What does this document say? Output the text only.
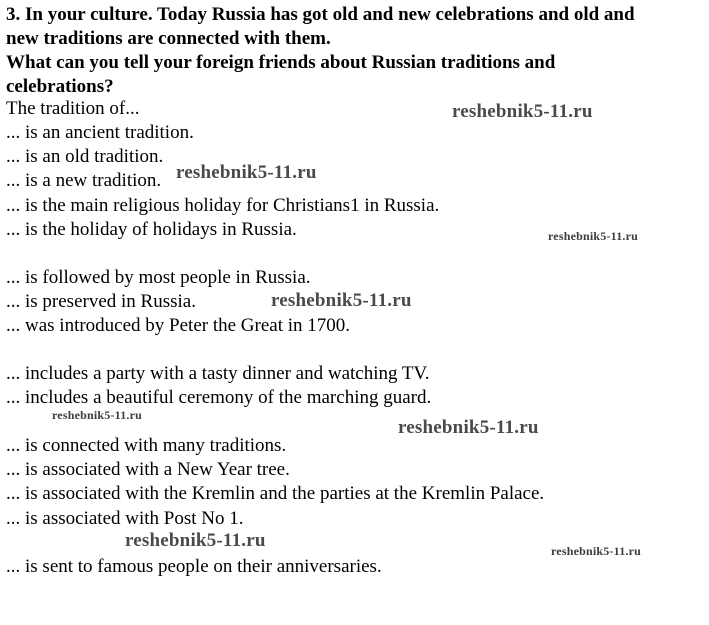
3. In your culture. Today Russia has got old and new celebrations and old and

new traditions are connected with them.

What can you tell your foreign friends about Russian traditions and

celebrations?

The tradition of...
... is an ancient tradition.
... is an old tradition.
... is a new tradition.
... is the main religious holiday for Christians1 in Russia.
... is the holiday of holidays in Russia.
... is followed by most people in Russia.
... is preserved in Russia.
... was introduced by Peter the Great in 1700.
... includes a party with a tasty dinner and watching TV.
... includes a beautiful ceremony of the marching guard.
... is connected with many traditions.
... is associated with a New Year tree.
... is associated with the Kremlin and the parties at the Kremlin Palace.
... is associated with Post No 1.
... is sent to famous people on their anniversaries.
reshebnik5-11.ru
reshebnik5-11.ru
reshebnik5-11.ru
reshebnik5-11.ru
reshebnik5-11.ru
reshebnik5-11.ru
reshebnik5-11.ru	reshebnik5-11.ru
